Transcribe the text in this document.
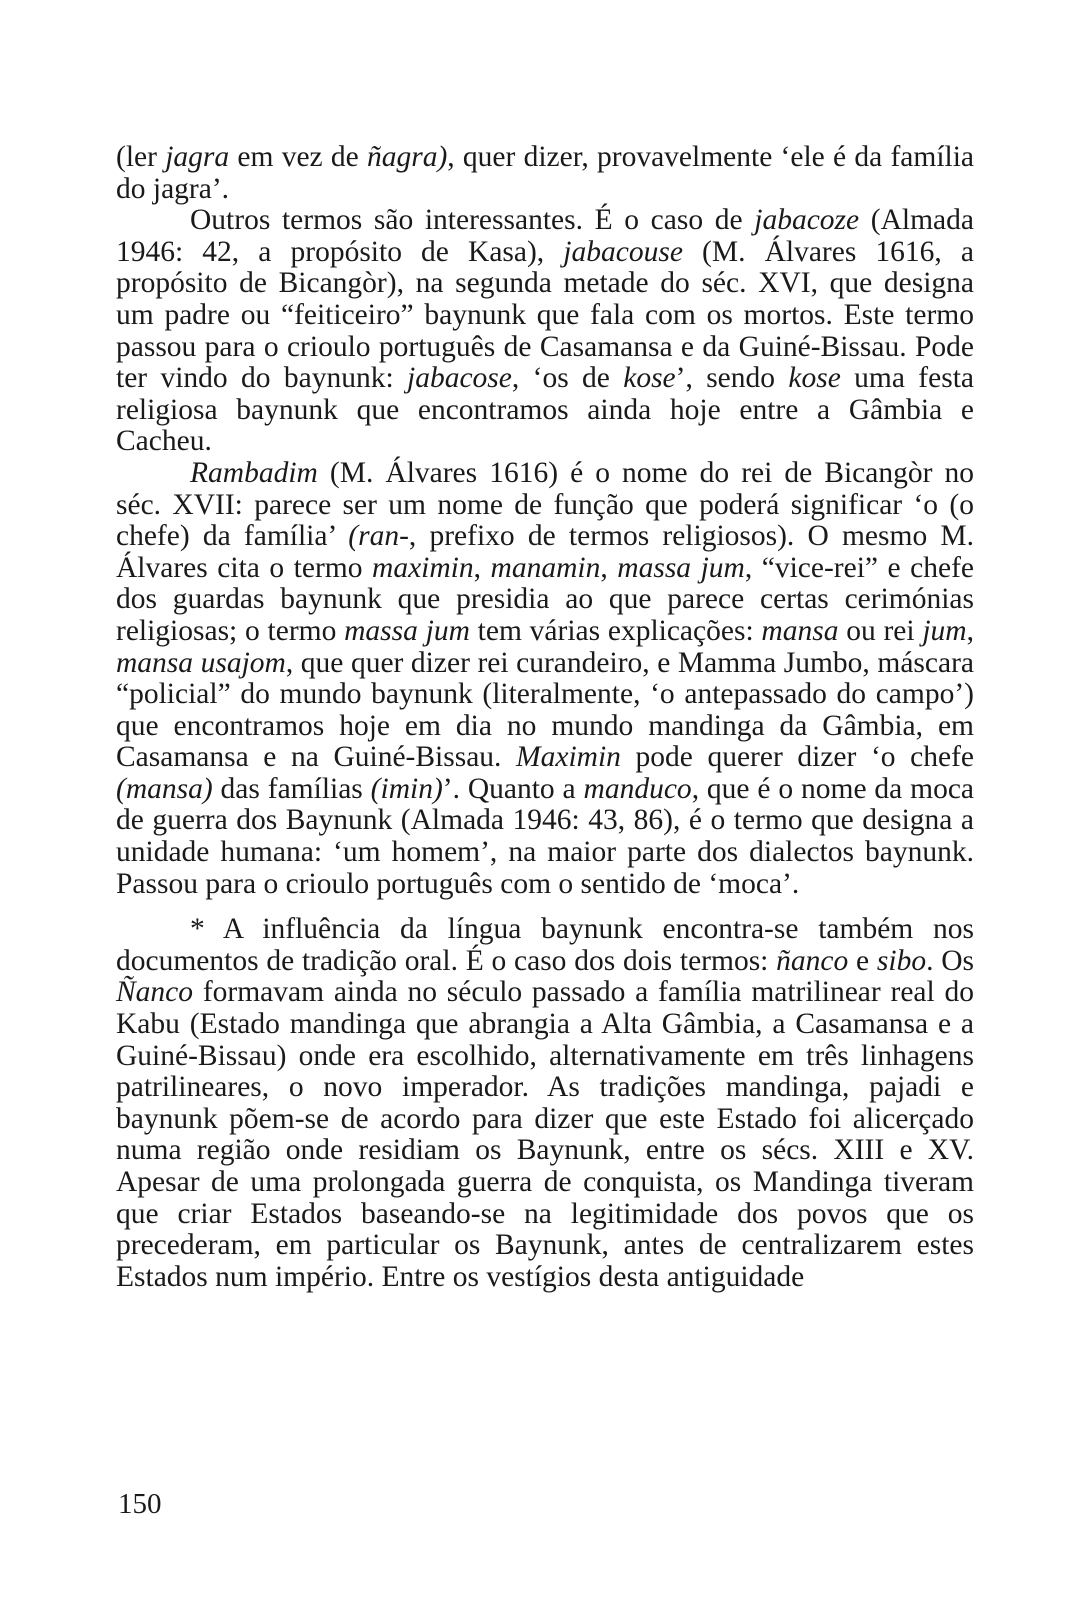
(ler jagra em vez de ñagra), quer dizer, provavelmente ‘ele é da família do jagra’.

Outros termos são interessantes. É o caso de jabacoze (Almada 1946: 42, a propósito de Kasa), jabacouse (M. Álvares 1616, a propósito de Bicangòr), na segunda metade do séc. XVI, que designa um padre ou “feiticeiro” baynunk que fala com os mortos. Este termo passou para o crioulo português de Casamansa e da Guiné-Bissau. Pode ter vindo do baynunk: jabacose, ‘os de kose’, sendo kose uma festa religiosa baynunk que encontramos ainda hoje entre a Gâmbia e Cacheu.

Rambadim (M. Álvares 1616) é o nome do rei de Bicangòr no séc. XVII: parece ser um nome de função que poderá significar ‘o (o chefe) da família’ (ran-, prefixo de termos religiosos). O mesmo M. Álvares cita o termo maximin, manamin, massa jum, “vice-rei” e chefe dos guardas baynunk que presidia ao que parece certas cerimónias religiosas; o termo massa jum tem várias explicações: mansa ou rei jum, mansa usajom, que quer dizer rei curandeiro, e Mamma Jumbo, máscara “policial” do mundo baynunk (literalmente, ‘o antepassado do campo’) que encontramos hoje em dia no mundo mandinga da Gâmbia, em Casamansa e na Guiné-Bissau. Maximin pode querer dizer ‘o chefe (mansa) das famílias (imin)’. Quanto a manduco, que é o nome da moca de guerra dos Baynunk (Almada 1946: 43, 86), é o termo que designa a unidade humana: ‘um homem’, na maior parte dos dialectos baynunk. Passou para o crioulo português com o sentido de ‘moca’.

* A influência da língua baynunk encontra-se também nos documentos de tradição oral. É o caso dos dois termos: ñanco e sibo. Os Ñanco formavam ainda no século passado a família matrilinear real do Kabu (Estado mandinga que abrangia a Alta Gâmbia, a Casamansa e a Guiné-Bissau) onde era escolhido, alternativamente em três linhagens patrilineares, o novo imperador. As tradições mandinga, pajadi e baynunk põem-se de acordo para dizer que este Estado foi alicerçado numa região onde residiam os Baynunk, entre os sécs. XIII e XV. Apesar de uma prolongada guerra de conquista, os Mandinga tiveram que criar Estados baseando-se na legitimidade dos povos que os precederam, em particular os Baynunk, antes de centralizarem estes Estados num império. Entre os vestígios desta antiguidade

150
